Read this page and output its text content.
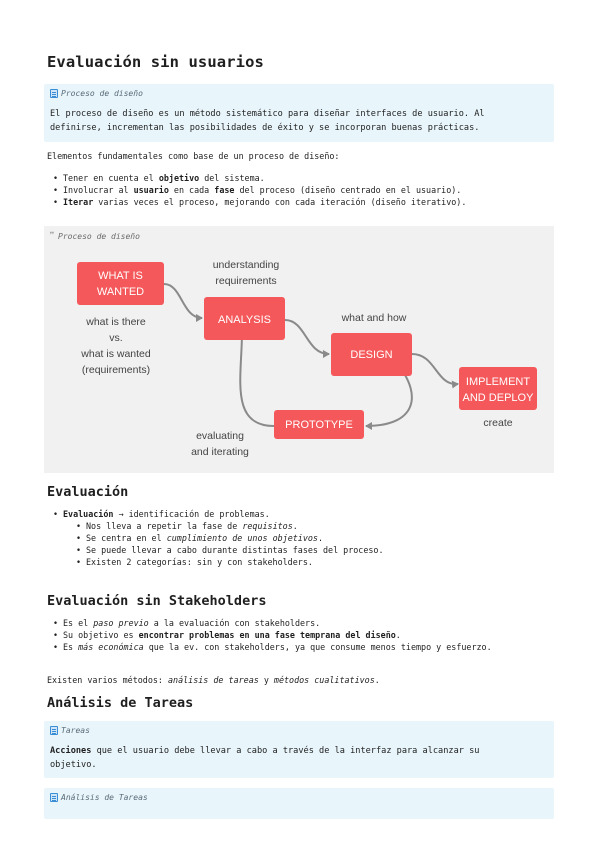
Evaluación sin usuarios
Proceso de diseño
El proceso de diseño es un método sistemático para diseñar interfaces de usuario. Al
definirse, incrementan las posibilidades de éxito y se incorporan buenas prácticas.
Elementos fundamentales como base de un proceso de diseño:
• Tener en cuenta el objetivo del sistema.
• Involucrar al usuario en cada fase del proceso (diseño centrado en el usuario).
• Iterar varias veces el proceso, mejorando con cada iteración (diseño iterativo).
WHAT IS
WANTED
ANALYSIS
DESIGN
IMPLEMENT
AND DEPLOY
PROTOTYPE
understanding
requirements
what is there
vs.
what is wanted
(requirements)
what and how
create
evaluating
and iterating
❞ Proceso de diseño
Evaluación
• Evaluación → identificación de problemas.
• Nos lleva a repetir la fase de requisitos.
• Se centra en el cumplimiento de unos objetivos.
• Se puede llevar a cabo durante distintas fases del proceso.
• Existen 2 categorías: sin y con stakeholders.
Evaluación sin Stakeholders
• Es el paso previo a la evaluación con stakeholders.
• Su objetivo es encontrar problemas en una fase temprana del diseño.
• Es más económica que la ev. con stakeholders, ya que consume menos tiempo y esfuerzo.
Existen varios métodos: análisis de tareas y métodos cualitativos.
Análisis de Tareas
Tareas
Acciones que el usuario debe llevar a cabo a través de la interfaz para alcanzar su
objetivo.
Análisis de Tareas
